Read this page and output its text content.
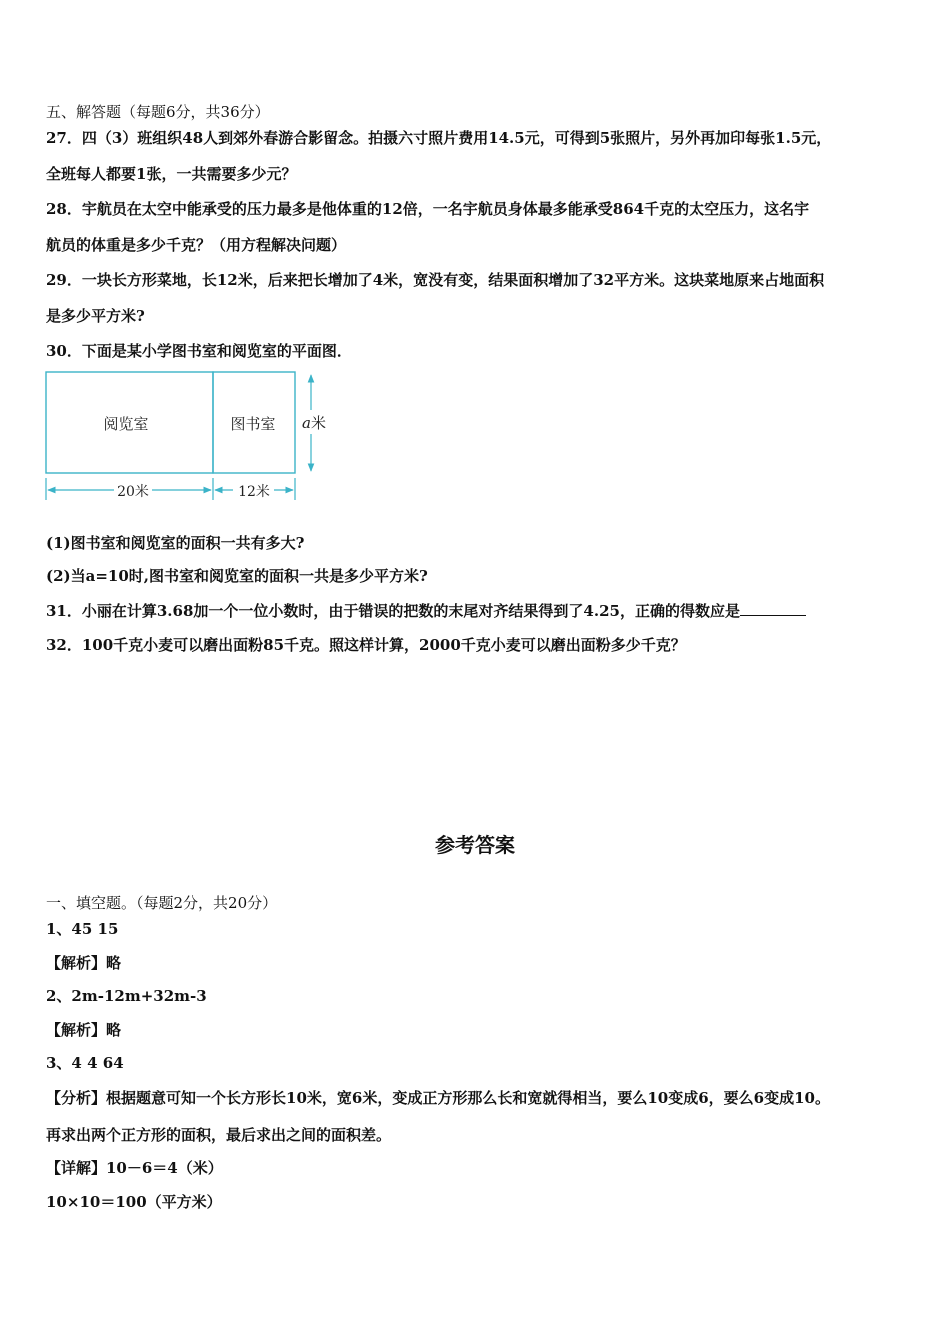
五、解答题（每题6分，共36分）
27．四（3）班组织48人到郊外春游合影留念。拍摄六寸照片费用14.5元，可得到5张照片，另外再加印每张1.5元，
全班每人都要1张，一共需要多少元？
28．宇航员在太空中能承受的压力最多是他体重的12倍，一名宇航员身体最多能承受864千克的太空压力，这名宇
航员的体重是多少千克？（用方程解决问题）
29．一块长方形菜地，长12米，后来把长增加了4米，宽没有变，结果面积增加了32平方米。这块菜地原来占地面积
是多少平方米?
30．下面是某小学图书室和阅览室的平面图．
阅览室	图书室 a米
20米	12米
(1)图书室和阅览室的面积一共有多大?
(2)当a=10时,图书室和阅览室的面积一共是多少平方米?
31．小丽在计算3.68加一个一位小数时，由于错误的把数的末尾对齐结果得到了4.25，正确的得数应是
32．100千克小麦可以磨出面粉85千克。照这样计算，2000千克小麦可以磨出面粉多少千克？
参考答案
一、填空题。（每题2分，共20分）
1、45 15
【解析】略
2、2m-12m+32m-3
【解析】略
3、4 4 64
【分析】根据题意可知一个长方形长10米，宽6米，变成正方形那么长和宽就得相当，要么10变成6，要么6变成10。
再求出两个正方形的面积，最后求出之间的面积差。
【详解】10－6＝4（米）
10×10＝100（平方米）
